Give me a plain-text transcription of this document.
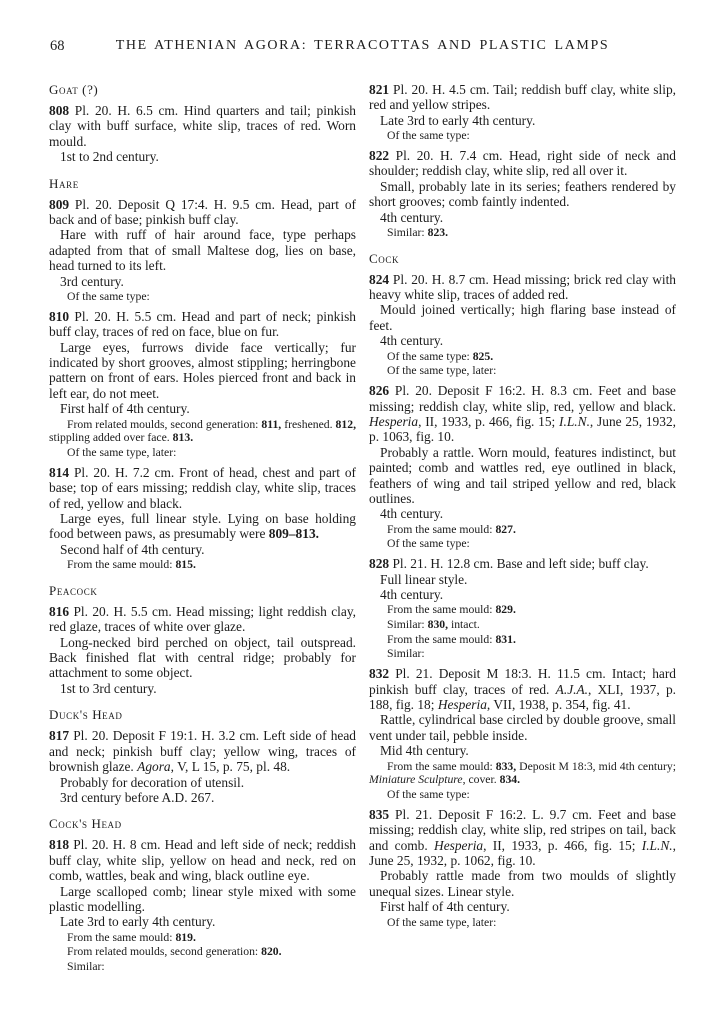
68	THE ATHENIAN AGORA: TERRACOTTAS AND PLASTIC LAMPS

Goat (?)

808 Pl. 20. H. 6.5 cm. Hind quarters and tail; pinkish clay with buff surface, white slip, traces of red. Worn mould.

1st to 2nd century.

Hare

809 Pl. 20. Deposit Q 17:4. H. 9.5 cm. Head, part of back and of base; pinkish buff clay.

Hare with ruff of hair around face, type perhaps adapted from that of small Maltese dog, lies on base, head turned to its left.

3rd century.

Of the same type:

810 Pl. 20. H. 5.5 cm. Head and part of neck; pinkish buff clay, traces of red on face, blue on fur.

Large eyes, furrows divide face vertically; fur indicated by short grooves, almost stippling; herringbone pattern on front of ears. Holes pierced front and back in left ear, do not meet.

First half of 4th century.

From related moulds, second generation: 811, freshened. 812, stippling added over face. 813.

Of the same type, later:

814 Pl. 20. H. 7.2 cm. Front of head, chest and part of base; top of ears missing; reddish clay, white slip, traces of red, yellow and black.

Large eyes, full linear style. Lying on base holding food between paws, as presumably were 809–813.

Second half of 4th century.

From the same mould: 815.

Peacock

816 Pl. 20. H. 5.5 cm. Head missing; light reddish clay, red glaze, traces of white over glaze.

Long-necked bird perched on object, tail outspread. Back finished flat with central ridge; probably for attachment to some object.

1st to 3rd century.

Duck's Head

817 Pl. 20. Deposit F 19:1. H. 3.2 cm. Left side of head and neck; pinkish buff clay; yellow wing, traces of brownish glaze. Agora, V, L 15, p. 75, pl. 48.

Probably for decoration of utensil.

3rd century before A.D. 267.

Cock's Head

818 Pl. 20. H. 8 cm. Head and left side of neck; reddish buff clay, white slip, yellow on head and neck, red on comb, wattles, beak and wing, black outline eye.

Large scalloped comb; linear style mixed with some plastic modelling.

Late 3rd to early 4th century.

From the same mould: 819.

From related moulds, second generation: 820.

Similar:

821 Pl. 20. H. 4.5 cm. Tail; reddish buff clay, white slip, red and yellow stripes.

Late 3rd to early 4th century.

Of the same type:

822 Pl. 20. H. 7.4 cm. Head, right side of neck and shoulder; reddish clay, white slip, red all over it.

Small, probably late in its series; feathers rendered by short grooves; comb faintly indented.

4th century.

Similar: 823.

Cock

824 Pl. 20. H. 8.7 cm. Head missing; brick red clay with heavy white slip, traces of added red.

Mould joined vertically; high flaring base instead of feet.

4th century.

Of the same type: 825.

Of the same type, later:

826 Pl. 20. Deposit F 16:2. H. 8.3 cm. Feet and base missing; reddish clay, white slip, red, yellow and black. Hesperia, II, 1933, p. 466, fig. 15; I.L.N., June 25, 1932, p. 1063, fig. 10.

Probably a rattle. Worn mould, features indistinct, but painted; comb and wattles red, eye outlined in black, feathers of wing and tail striped yellow and red, black outlines.

4th century.

From the same mould: 827.

Of the same type:

828 Pl. 21. H. 12.8 cm. Base and left side; buff clay.

Full linear style.

4th century.

From the same mould: 829.

Similar: 830, intact.

From the same mould: 831.

Similar:

832 Pl. 21. Deposit M 18:3. H. 11.5 cm. Intact; hard pinkish buff clay, traces of red. A.J.A., XLI, 1937, p. 188, fig. 18; Hesperia, VII, 1938, p. 354, fig. 41.

Rattle, cylindrical base circled by double groove, small vent under tail, pebble inside.

Mid 4th century.

From the same mould: 833, Deposit M 18:3, mid 4th century; Miniature Sculpture, cover. 834.

Of the same type:

835 Pl. 21. Deposit F 16:2. L. 9.7 cm. Feet and base missing; reddish clay, white slip, red stripes on tail, back and comb. Hesperia, II, 1933, p. 466, fig. 15; I.L.N., June 25, 1932, p. 1062, fig. 10.

Probably rattle made from two moulds of slightly unequal sizes. Linear style.

First half of 4th century.

Of the same type, later:
